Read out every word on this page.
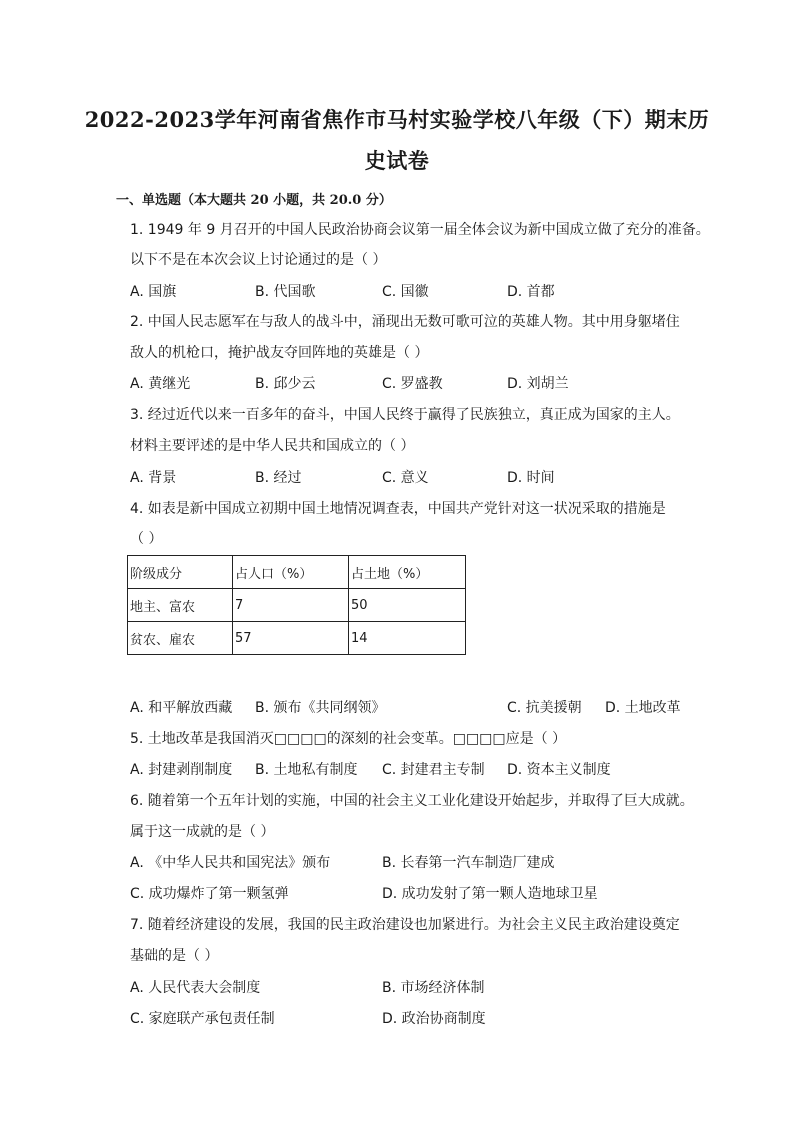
2022-2023学年河南省焦作市马村实验学校八年级（下）期末历
史试卷
一、单选题（本大题共 20 小题，共 20.0 分）
1. 1949 年 9 月召开的中国人民政治协商会议第一届全体会议为新中国成立做了充分的准备。
以下不是在本次会议上讨论通过的是（ ）
A. 国旗	B. 代国歌	C. 国徽	D. 首都
2. 中国人民志愿军在与敌人的战斗中，涌现出无数可歌可泣的英雄人物。其中用身躯堵住
敌人的机枪口，掩护战友夺回阵地的英雄是（ ）
A. 黄继光	B. 邱少云	C. 罗盛教	D. 刘胡兰
3. 经过近代以来一百多年的奋斗，中国人民终于赢得了民族独立，真正成为国家的主人。
材料主要评述的是中华人民共和国成立的（ ）
A. 背景	B. 经过	C. 意义	D. 时间
4. 如表是新中国成立初期中国土地情况调查表，中国共产党针对这一状况采取的措施是
（ ）
阶级成分	占人口（%）	占土地（%）
地主、富农	7	50
贫农、雇农	57	14
A. 和平解放西藏 B. 颁布《共同纲领》	C. 抗美援朝 D. 土地改革
5. 土地改革是我国消灭□□□□的深刻的社会变革。□□□□应是（ ）
A. 封建剥削制度 B. 土地私有制度 C. 封建君主专制 D. 资本主义制度
6. 随着第一个五年计划的实施，中国的社会主义工业化建设开始起步，并取得了巨大成就。
属于这一成就的是（ ）
A. 《中华人民共和国宪法》颁布	B. 长春第一汽车制造厂建成
C. 成功爆炸了第一颗氢弹	D. 成功发射了第一颗人造地球卫星
7. 随着经济建设的发展，我国的民主政治建设也加紧进行。为社会主义民主政治建设奠定
基础的是（ ）
A. 人民代表大会制度	B. 市场经济体制
C. 家庭联产承包责任制	D. 政治协商制度
